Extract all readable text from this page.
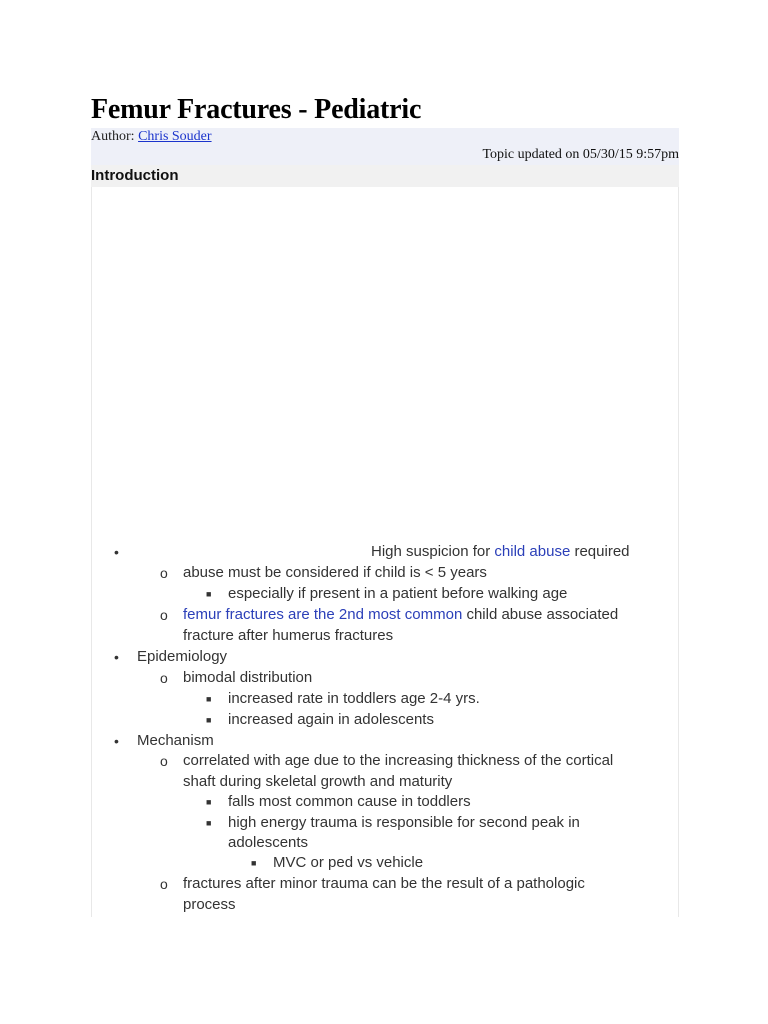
Femur Fractures - Pediatric
Author: Chris Souder
Topic updated on 05/30/15 9:57pm
Introduction
•	High suspicion for child abuse required
o abuse must be considered if child is < 5 years
■ especially if present in a patient before walking age
o femur fractures are the 2nd most common child abuse associated
fracture after humerus fractures
• Epidemiology
o bimodal distribution
■ increased rate in toddlers age 2-4 yrs.
■ increased again in adolescents
• Mechanism
o correlated with age due to the increasing thickness of the cortical
shaft during skeletal growth and maturity
■ falls most common cause in toddlers
■ high energy trauma is responsible for second peak in
adolescents
■ MVC or ped vs vehicle
o fractures after minor trauma can be the result of a pathologic
process
